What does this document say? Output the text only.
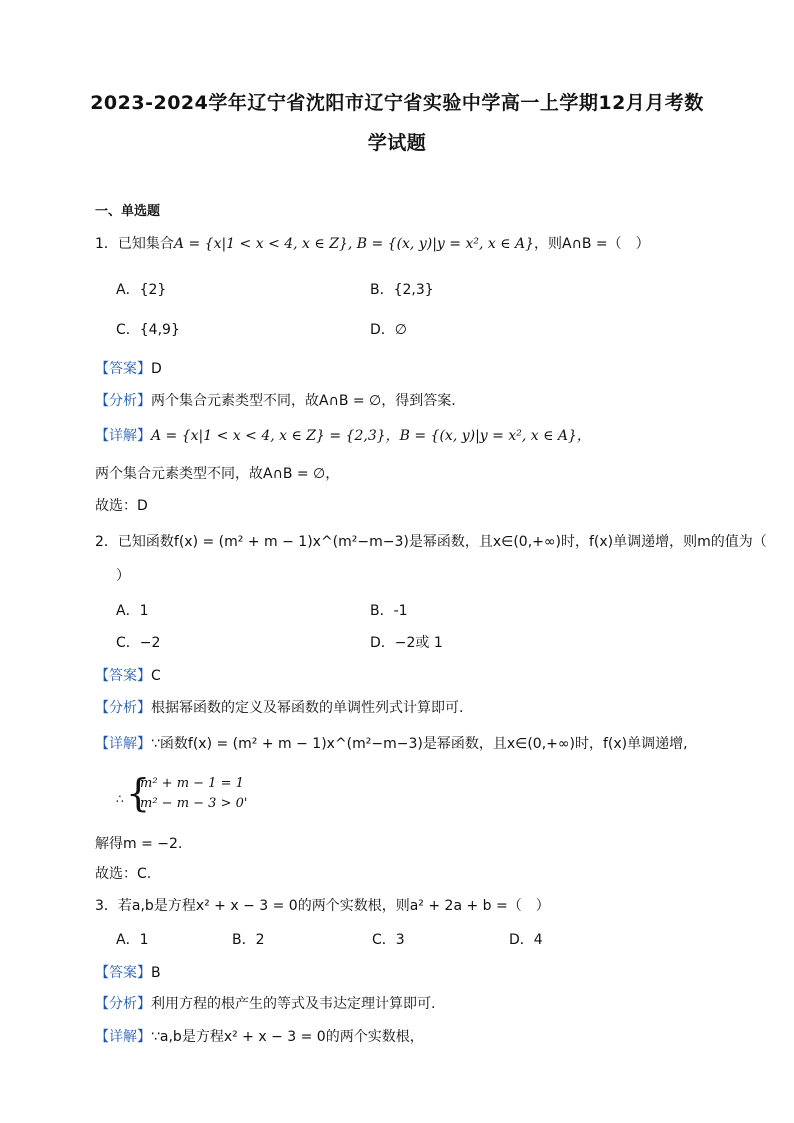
2023-2024学年辽宁省沈阳市辽宁省实验中学高一上学期12月月考数
学试题
一、单选题
1．已知集合A = {x|1 < x < 4, x ∈ Z}, B = {(x, y)|y = x², x ∈ A}，则A∩B =（　）
A．{2}	B．{2,3}
C．{4,9}	D．∅
【答案】D
【分析】两个集合元素类型不同，故A∩B = ∅，得到答案.
【详解】A = {x|1 < x < 4, x ∈ Z} = {2,3}，B = {(x, y)|y = x², x ∈ A}，
两个集合元素类型不同，故A∩B = ∅，
故选：D
2．已知函数f(x) = (m² + m − 1)x^(m²−m−3)是幂函数，且x∈(0,+∞)时，f(x)单调递增，则m的值为（
）
A．1	B．-1
C．−2	D．−2或 1
【答案】C
【分析】根据幂函数的定义及幂函数的单调性列式计算即可.
【详解】∵函数f(x) = (m² + m − 1)x^(m²−m−3)是幂函数，且x∈(0,+∞)时，f(x)单调递增,
∴ {
m² + m − 1 = 1
m² − m − 3 > 0'
解得m = −2.
故选：C.
3．若a,b是方程x² + x − 3 = 0的两个实数根，则a² + 2a + b =（　）
A．1	B．2	C．3	D．4
【答案】B
【分析】利用方程的根产生的等式及韦达定理计算即可.
【详解】∵a,b是方程x² + x − 3 = 0的两个实数根，
